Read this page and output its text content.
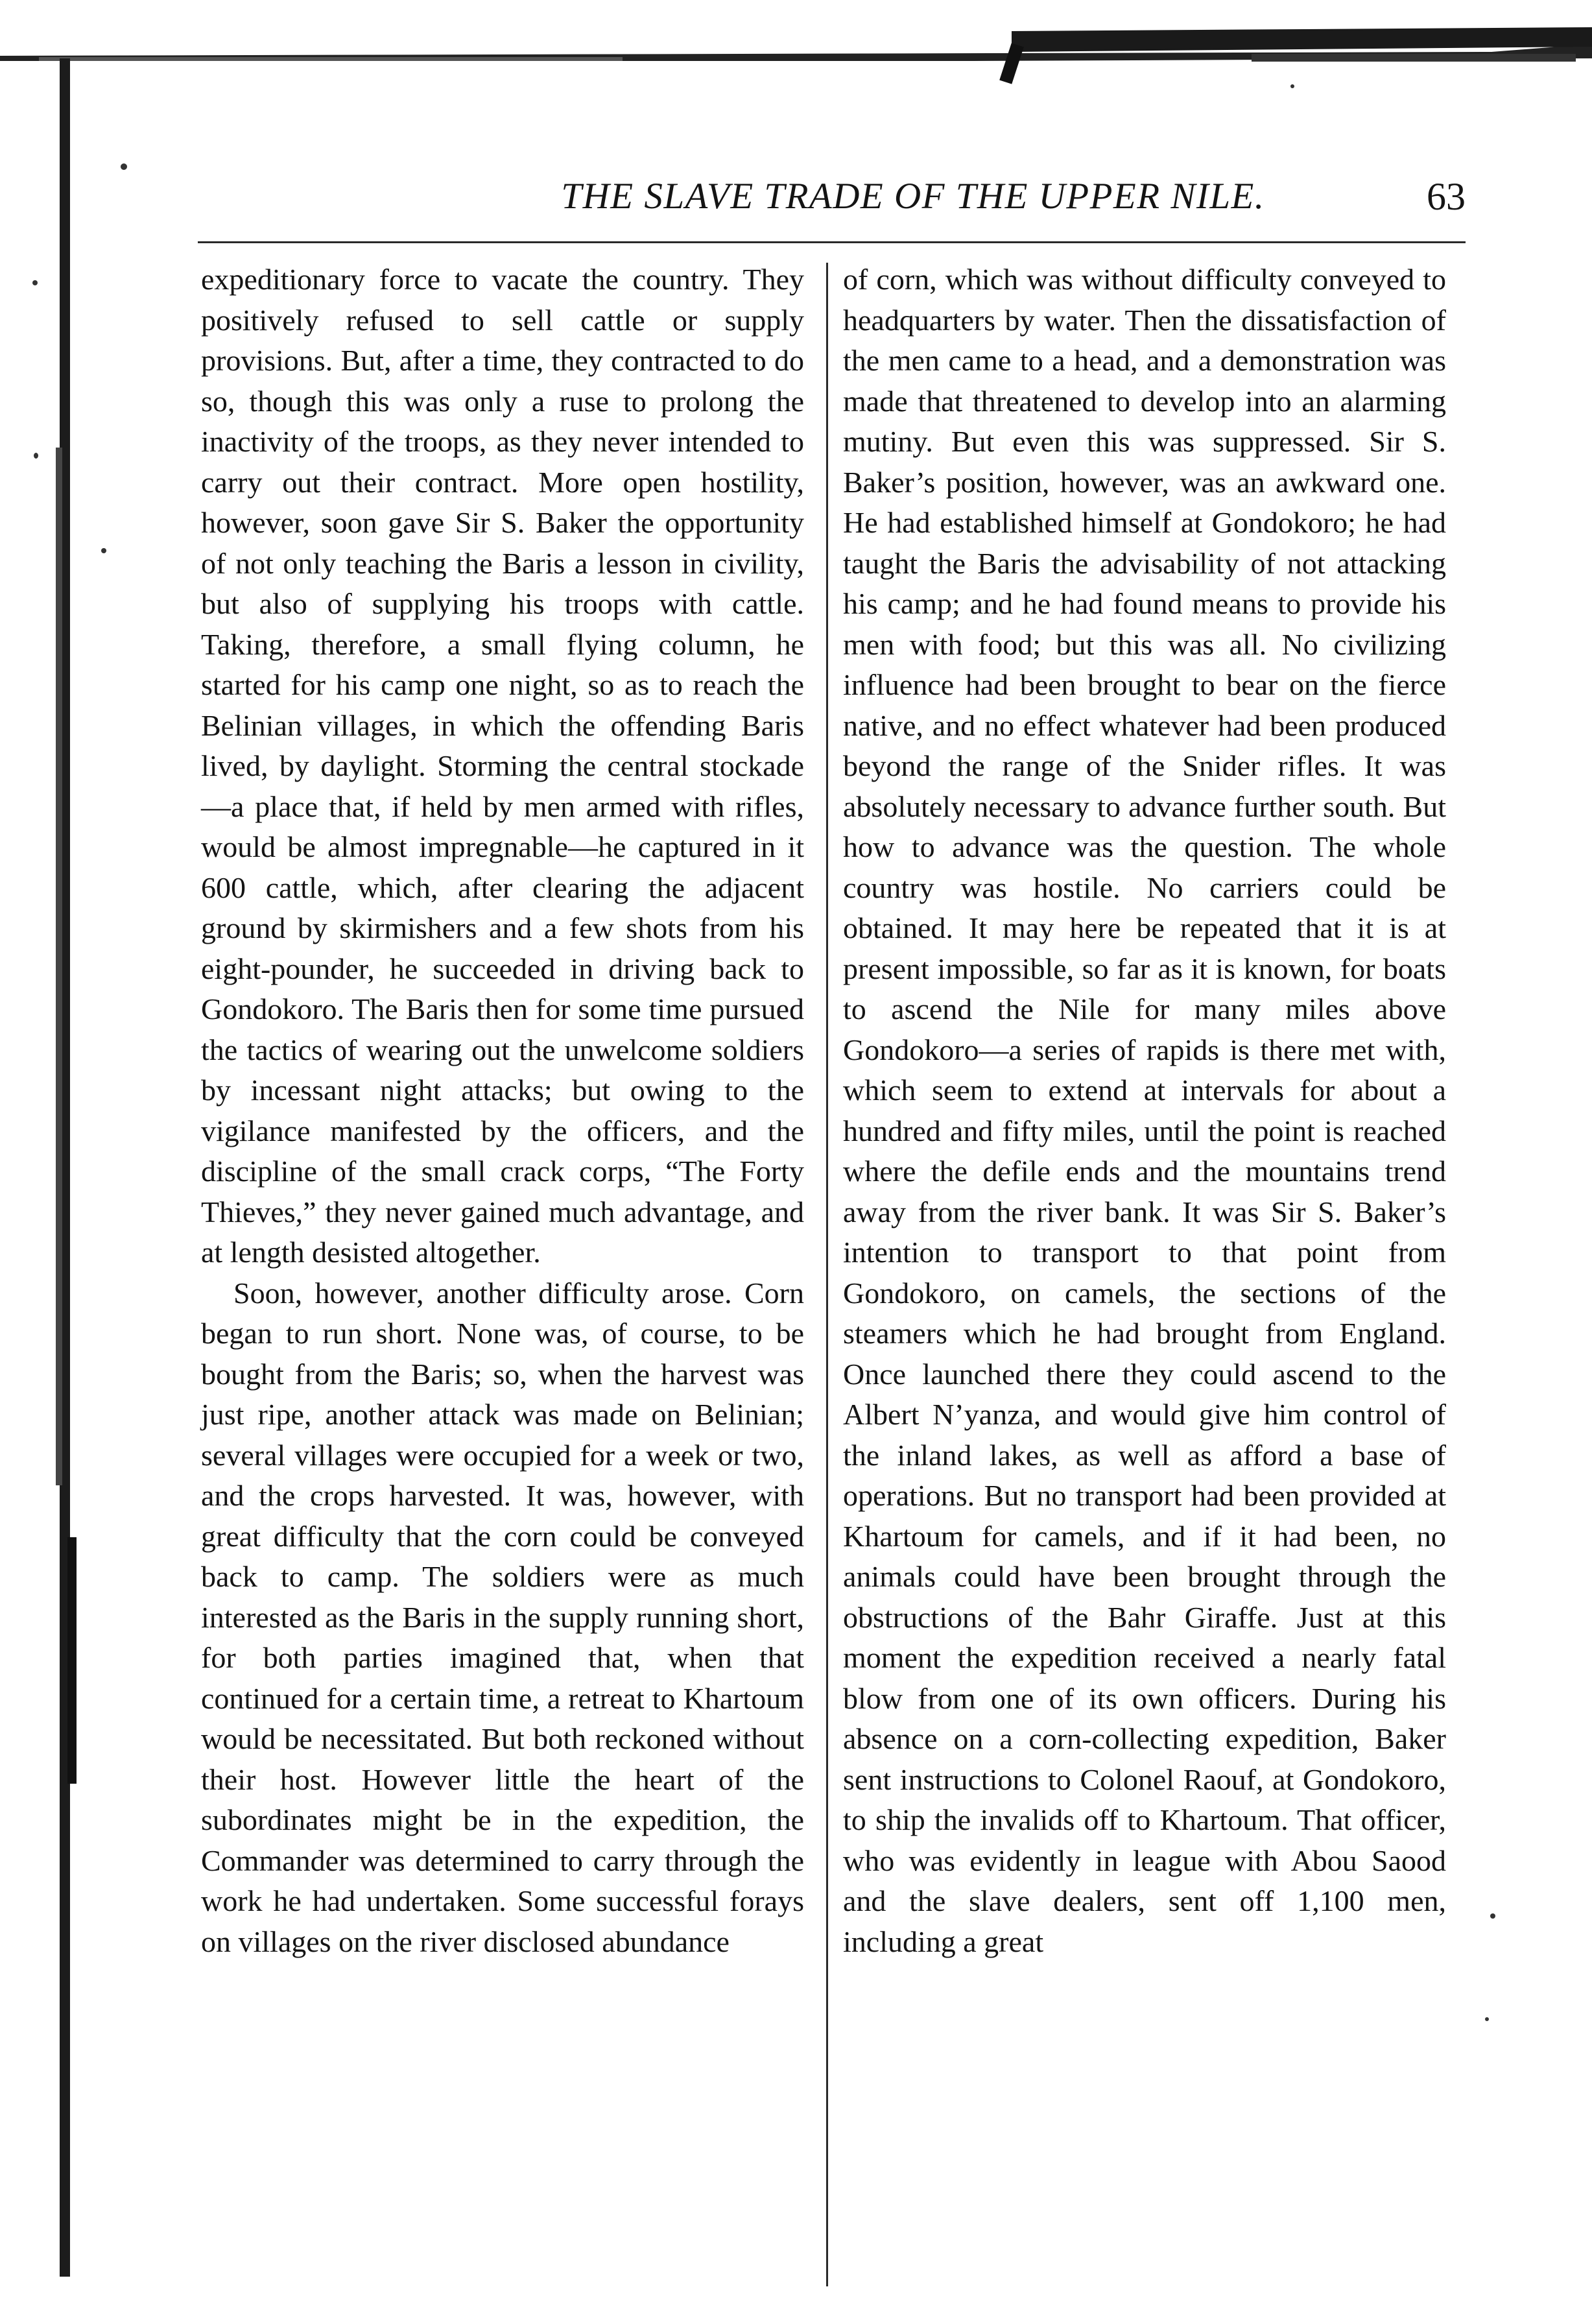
THE SLAVE TRADE OF THE UPPER NILE.	63

expeditionary force to vacate the country. They positively refused to sell cattle or supply provisions. But, after a time, they contracted to do so, though this was only a ruse to prolong the inactivity of the troops, as they never intended to carry out their contract. More open hostility, however, soon gave Sir S. Baker the opportunity of not only teaching the Baris a lesson in civility, but also of supplying his troops with cattle. Taking, therefore, a small flying column, he started for his camp one night, so as to reach the Belinian villages, in which the offending Baris lived, by daylight. Storming the central stockade—a place that, if held by men armed with rifles, would be almost impregnable—he captured in it 600 cattle, which, after clearing the adjacent ground by skirmishers and a few shots from his eight-pounder, he succeeded in driving back to Gondokoro. The Baris then for some time pursued the tactics of wearing out the unwelcome soldiers by incessant night attacks; but owing to the vigilance manifested by the officers, and the discipline of the small crack corps, “The Forty Thieves,” they never gained much advantage, and at length desisted altogether.

Soon, however, another difficulty arose. Corn began to run short. None was, of course, to be bought from the Baris; so, when the harvest was just ripe, another attack was made on Belinian; several villages were occupied for a week or two, and the crops harvested. It was, however, with great difficulty that the corn could be conveyed back to camp. The soldiers were as much interested as the Baris in the supply running short, for both parties imagined that, when that continued for a certain time, a retreat to Khartoum would be necessitated. But both reckoned without their host. However little the heart of the subordinates might be in the expedition, the Commander was determined to carry through the work he had undertaken. Some successful forays on villages on the river disclosed abundance

of corn, which was without difficulty conveyed to headquarters by water. Then the dissatisfaction of the men came to a head, and a demonstration was made that threatened to develop into an alarming mutiny. But even this was suppressed. Sir S. Baker’s position, however, was an awkward one. He had established himself at Gondokoro; he had taught the Baris the advisability of not attacking his camp; and he had found means to provide his men with food; but this was all. No civilizing influence had been brought to bear on the fierce native, and no effect whatever had been produced beyond the range of the Snider rifles. It was absolutely necessary to advance further south. But how to advance was the question. The whole country was hostile. No carriers could be obtained. It may here be repeated that it is at present impossible, so far as it is known, for boats to ascend the Nile for many miles above Gondokoro—a series of rapids is there met with, which seem to extend at intervals for about a hundred and fifty miles, until the point is reached where the defile ends and the mountains trend away from the river bank. It was Sir S. Baker’s intention to transport to that point from Gondokoro, on camels, the sections of the steamers which he had brought from England. Once launched there they could ascend to the Albert N’yanza, and would give him control of the inland lakes, as well as afford a base of operations. But no transport had been provided at Khartoum for camels, and if it had been, no animals could have been brought through the obstructions of the Bahr Giraffe. Just at this moment the expedition received a nearly fatal blow from one of its own officers. During his absence on a corn-collecting expedition, Baker sent instructions to Colonel Raouf, at Gondokoro, to ship the invalids off to Khartoum. That officer, who was evidently in league with Abou Saood and the slave dealers, sent off 1,100 men, including a great
